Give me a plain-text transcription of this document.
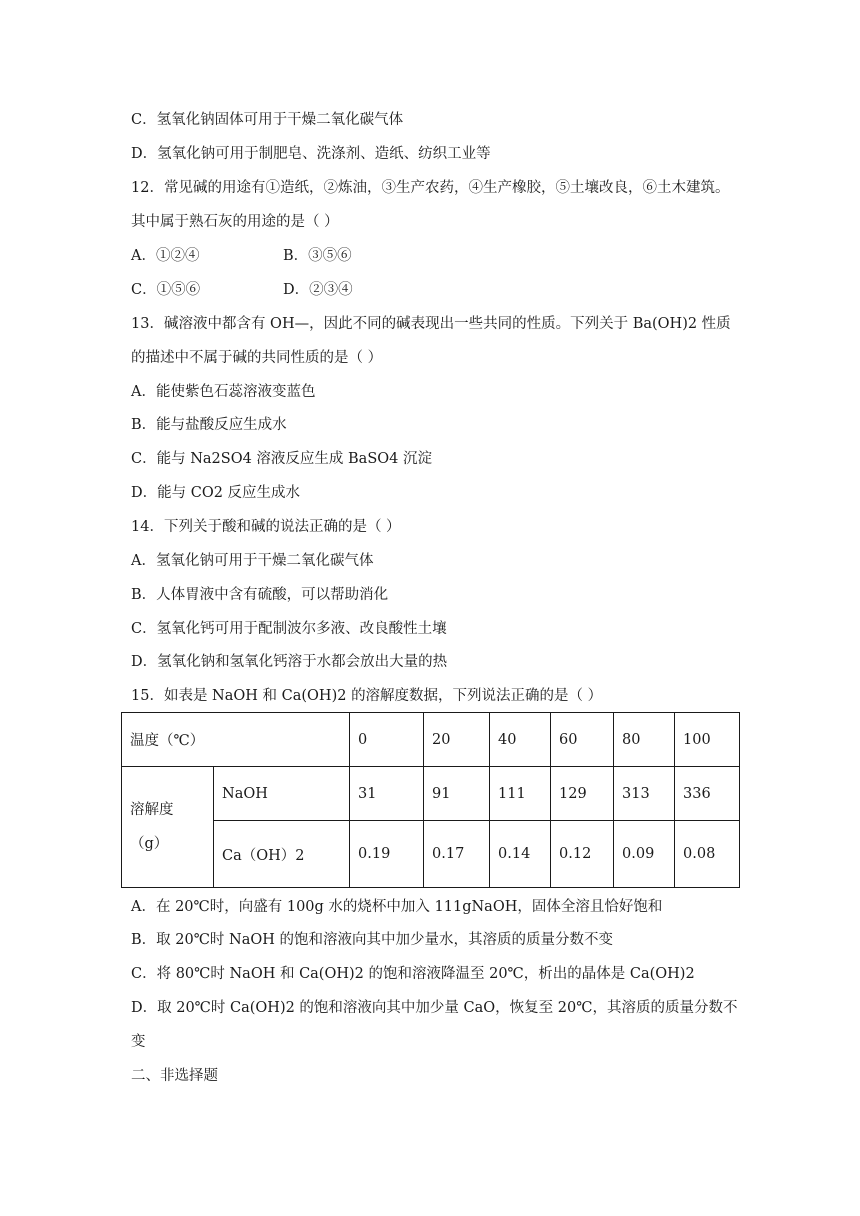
C．氢氧化钠固体可用于干燥二氧化碳气体
D．氢氧化钠可用于制肥皂、洗涤剂、造纸、纺织工业等
12．常见碱的用途有①造纸，②炼油，③生产农药，④生产橡胶，⑤土壤改良，⑥土木建筑。
其中属于熟石灰的用途的是（ ）
A．①②④	B．③⑤⑥
C．①⑤⑥	D．②③④
13．碱溶液中都含有 OH—，因此不同的碱表现出一些共同的性质。下列关于 Ba(OH)2 性质
的描述中不属于碱的共同性质的是（ ）
A．能使紫色石蕊溶液变蓝色
B．能与盐酸反应生成水
C．能与 Na2SO4 溶液反应生成 BaSO4 沉淀
D．能与 CO2 反应生成水
14．下列关于酸和碱的说法正确的是（ ）
A．氢氧化钠可用于干燥二氧化碳气体
B．人体胃液中含有硫酸，可以帮助消化
C．氢氧化钙可用于配制波尔多液、改良酸性土壤
D．氢氧化钠和氢氧化钙溶于水都会放出大量的热
15．如表是 NaOH 和 Ca(OH)2 的溶解度数据，下列说法正确的是（ ）
温度（℃）		0	20	40	60	80	100
溶解度
（g）	NaOH	31	91	111	129	313	336
	Ca（OH）2	0.19	0.17	0.14	0.12	0.09	0.08
A．在 20℃时，向盛有 100g 水的烧杯中加入 111gNaOH，固体全溶且恰好饱和
B．取 20℃时 NaOH 的饱和溶液向其中加少量水，其溶质的质量分数不变
C．将 80℃时 NaOH 和 Ca(OH)2 的饱和溶液降温至 20℃，析出的晶体是 Ca(OH)2
D．取 20℃时 Ca(OH)2 的饱和溶液向其中加少量 CaO，恢复至 20℃，其溶质的质量分数不
变
二、非选择题
